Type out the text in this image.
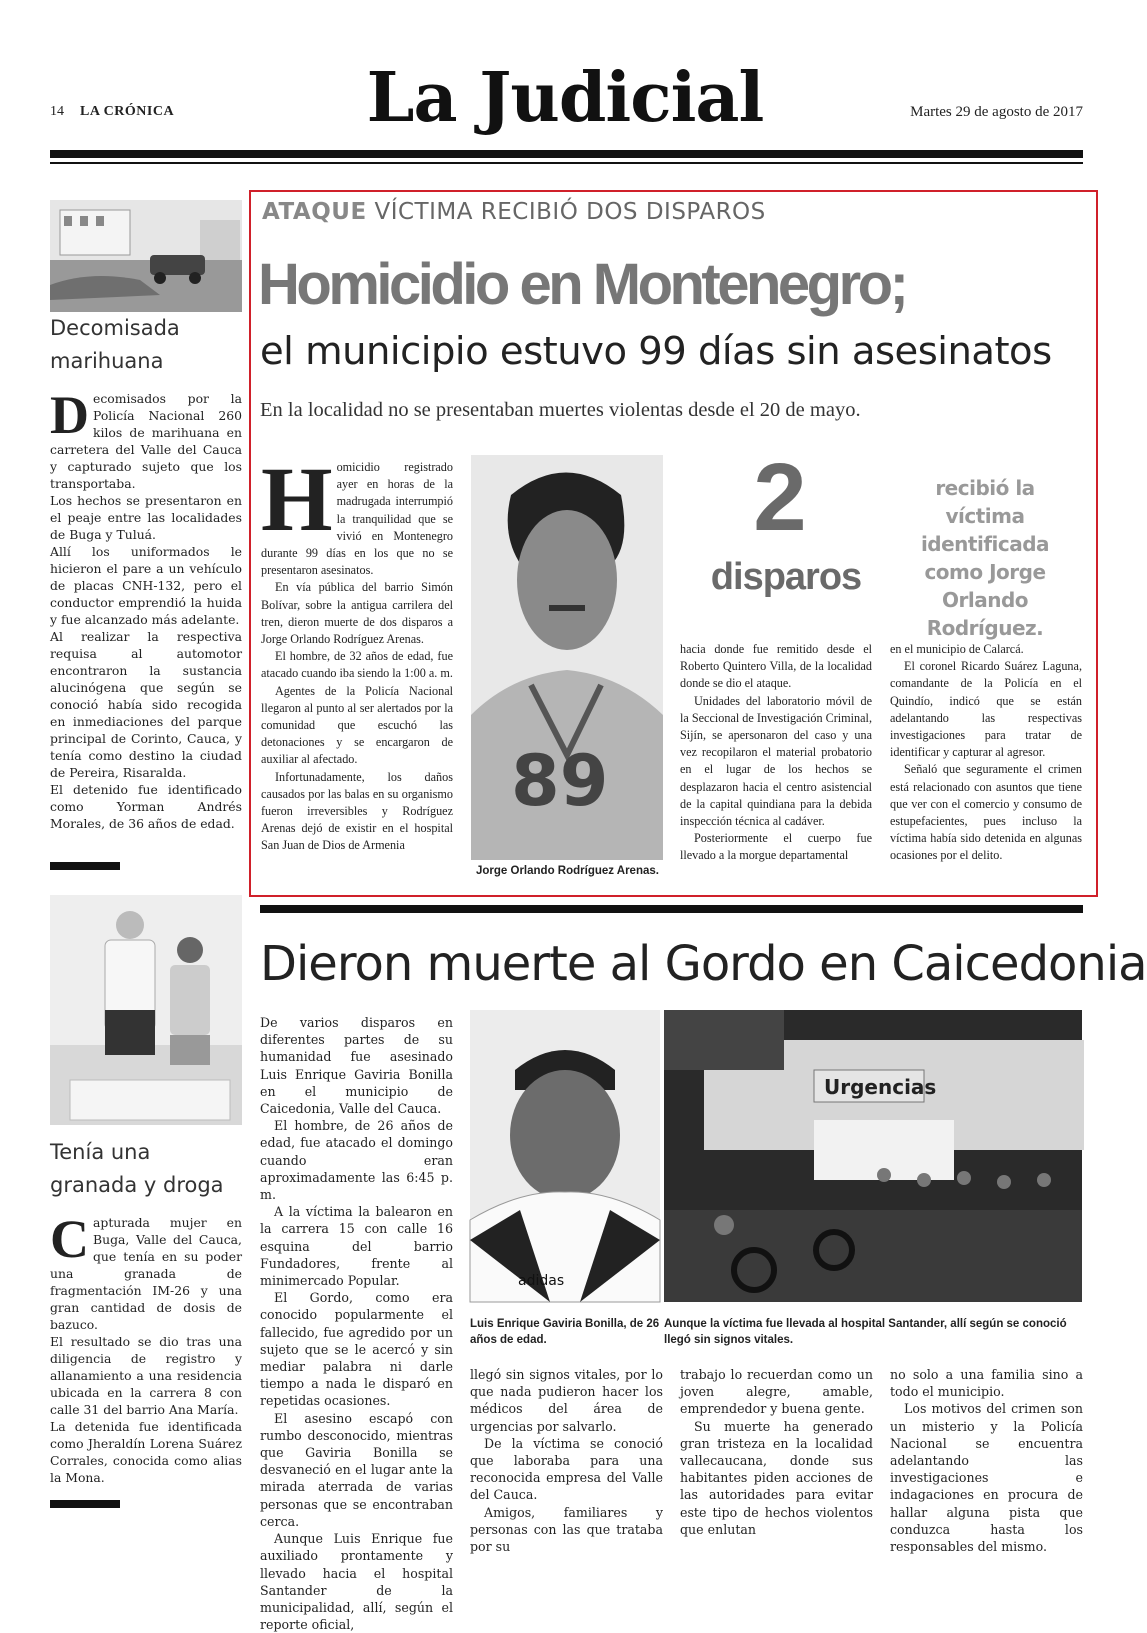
14 LA CRÓNICA	La Judicial	Martes 29 de agosto de 2017
Decomisada marihuana
D ecomisados por la Policía Nacional 260 kilos de marihuana en carretera del Valle del Cauca y capturado sujeto que los transportaba.
Los hechos se presentaron en el peaje entre las localidades de Buga y Tuluá.
Allí los uniformados le hicieron el pare a un vehículo de placas CNH-132, pero el conductor emprendió la huida y fue alcanzado más adelante.
Al realizar la respectiva requisa al automotor encontraron la sustancia alucinógena que según se conoció había sido recogida en inmediaciones del parque principal de Corinto, Cauca, y tenía como destino la ciudad de Pereira, Risaralda.
El detenido fue identificado como Yorman Andrés Morales, de 36 años de edad.
Tenía una granada y droga
C apturada mujer en Buga, Valle del Cauca, que tenía en su poder una granada de fragmentación IM-26 y una gran cantidad de dosis de bazuco.
El resultado se dio tras una diligencia de registro y allanamiento a una residencia ubicada en la carrera 8 con calle 31 del barrio Ana María.
La detenida fue identificada como Jheraldín Lorena Suárez Corrales, conocida como alias la Mona.
ATAQUE VÍCTIMA RECIBIÓ DOS DISPAROS
Homicidio en Montenegro;
el municipio estuvo 99 días sin asesinatos
En la localidad no se presentaban muertes violentas desde el 20 de mayo.
H omicidio registrado ayer en horas de la madrugada interrumpió la tranquilidad que se vivió en Montenegro durante 99 días en los que no se presentaron asesinatos.

En vía pública del barrio Simón Bolívar, sobre la antigua carrilera del tren, dieron muerte de dos disparos a Jorge Orlando Rodríguez Arenas.

El hombre, de 32 años de edad, fue atacado cuando iba siendo la 1:00 a. m.

Agentes de la Policía Nacional llegaron al punto al ser alertados por la comunidad que escuchó las detonaciones y se encargaron de auxiliar al afectado.

Infortunadamente, los daños causados por las balas en su organismo fueron irreversibles y Rodríguez Arenas dejó de existir en el hospital San Juan de Dios de Armenia

89
Jorge Orlando Rodríguez Arenas.
2
disparos
recibió la víctima identificada como Jorge Orlando Rodríguez.

hacia donde fue remitido desde el Roberto Quintero Villa, de la localidad donde se dio el ataque.

Unidades del laboratorio móvil de la Seccional de Investigación Criminal, Sijín, se apersonaron del caso y una vez recopilaron el material probatorio en el lugar de los hechos se desplazaron hacia el centro asistencial de la capital quindiana para la debida inspección técnica al cadáver.

Posteriormente el cuerpo fue llevado a la morgue departamental

en el municipio de Calarcá.

El coronel Ricardo Suárez Laguna, comandante de la Policía en el Quindío, indicó que se están adelantando las respectivas investigaciones para tratar de identificar y capturar al agresor.

Señaló que seguramente el crimen está relacionado con asuntos que tiene que ver con el comercio y consumo de estupefacientes, pues incluso la víctima había sido detenida en algunas ocasiones por el delito.

Dieron muerte al Gordo en Caicedonia

De varios disparos en diferentes partes de su humanidad fue asesinado Luis Enrique Gaviria Bonilla en el municipio de Caicedonia, Valle del Cauca.

El hombre, de 26 años de edad, fue atacado el domingo cuando eran aproximadamente las 6:45 p. m.

A la víctima la balearon en la carrera 15 con calle 16 esquina del barrio Fundadores, frente al minimercado Popular.

El Gordo, como era conocido popularmente el fallecido, fue agredido por un sujeto que se le acercó y sin mediar palabra ni darle tiempo a nada le disparó en repetidas ocasiones.

El asesino escapó con rumbo desconocido, mientras que Gaviria Bonilla se desvaneció en el lugar ante la mirada aterrada de varias personas que se encontraban cerca.

Aunque Luis Enrique fue auxiliado prontamente y llevado hacia el hospital Santander de la municipalidad, allí, según el reporte oficial,

adidas
Urgencias
Luis Enrique Gaviria Bonilla, de 26 años de edad.
Aunque la víctima fue llevada al hospital Santander, allí según se conoció llegó sin signos vitales.

llegó sin signos vitales, por lo que nada pudieron hacer los médicos del área de urgencias por salvarlo.

De la víctima se conoció que laboraba para una reconocida empresa del Valle del Cauca.

Amigos, familiares y personas con las que trataba por su

trabajo lo recuerdan como un joven alegre, amable, emprendedor y buena gente.

Su muerte ha generado gran tristeza en la localidad vallecaucana, donde sus habitantes piden acciones de las autoridades para evitar este tipo de hechos violentos que enlutan

no solo a una familia sino a todo el municipio.

Los motivos del crimen son un misterio y la Policía Nacional se encuentra adelantando las investigaciones e indagaciones en procura de hallar alguna pista que conduzca hasta los responsables del mismo.
